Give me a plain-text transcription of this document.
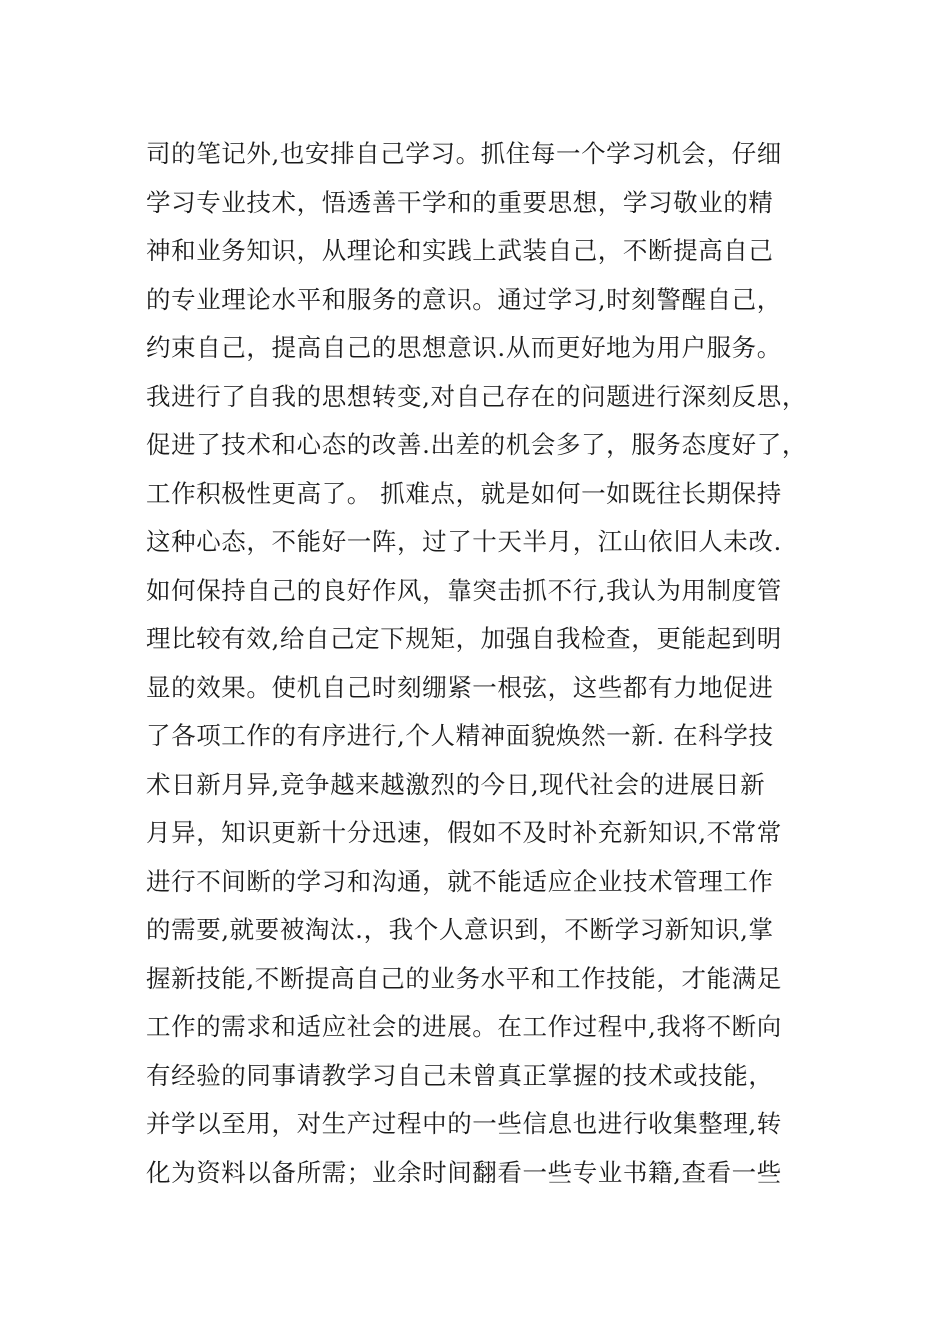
司的笔记外,也安排自己学习。抓住每一个学习机会，仔细
学习专业技术，悟透善干学和的重要思想，学习敬业的精
神和业务知识，从理论和实践上武装自己，不断提高自己
的专业理论水平和服务的意识。通过学习,时刻警醒自己，
约束自己，提高自己的思想意识.从而更好地为用户服务。
我进行了自我的思想转变,对自己存在的问题进行深刻反思，
促进了技术和心态的改善.出差的机会多了，服务态度好了，
工作积极性更高了。 抓难点，就是如何一如既往长期保持
这种心态，不能好一阵，过了十天半月，江山依旧人未改.
如何保持自己的良好作风，靠突击抓不行,我认为用制度管
理比较有效,给自己定下规矩，加强自我检查，更能起到明
显的效果。使机自己时刻绷紧一根弦，这些都有力地促进
了各项工作的有序进行,个人精神面貌焕然一新. 在科学技
术日新月异,竞争越来越激烈的今日,现代社会的进展日新
月异，知识更新十分迅速，假如不及时补充新知识,不常常
进行不间断的学习和沟通，就不能适应企业技术管理工作
的需要,就要被淘汰.，我个人意识到，不断学习新知识,掌
握新技能,不断提高自己的业务水平和工作技能，才能满足
工作的需求和适应社会的进展。在工作过程中,我将不断向
有经验的同事请教学习自己未曾真正掌握的技术或技能，
并学以至用，对生产过程中的一些信息也进行收集整理,转
化为资料以备所需；业余时间翻看一些专业书籍,查看一些
